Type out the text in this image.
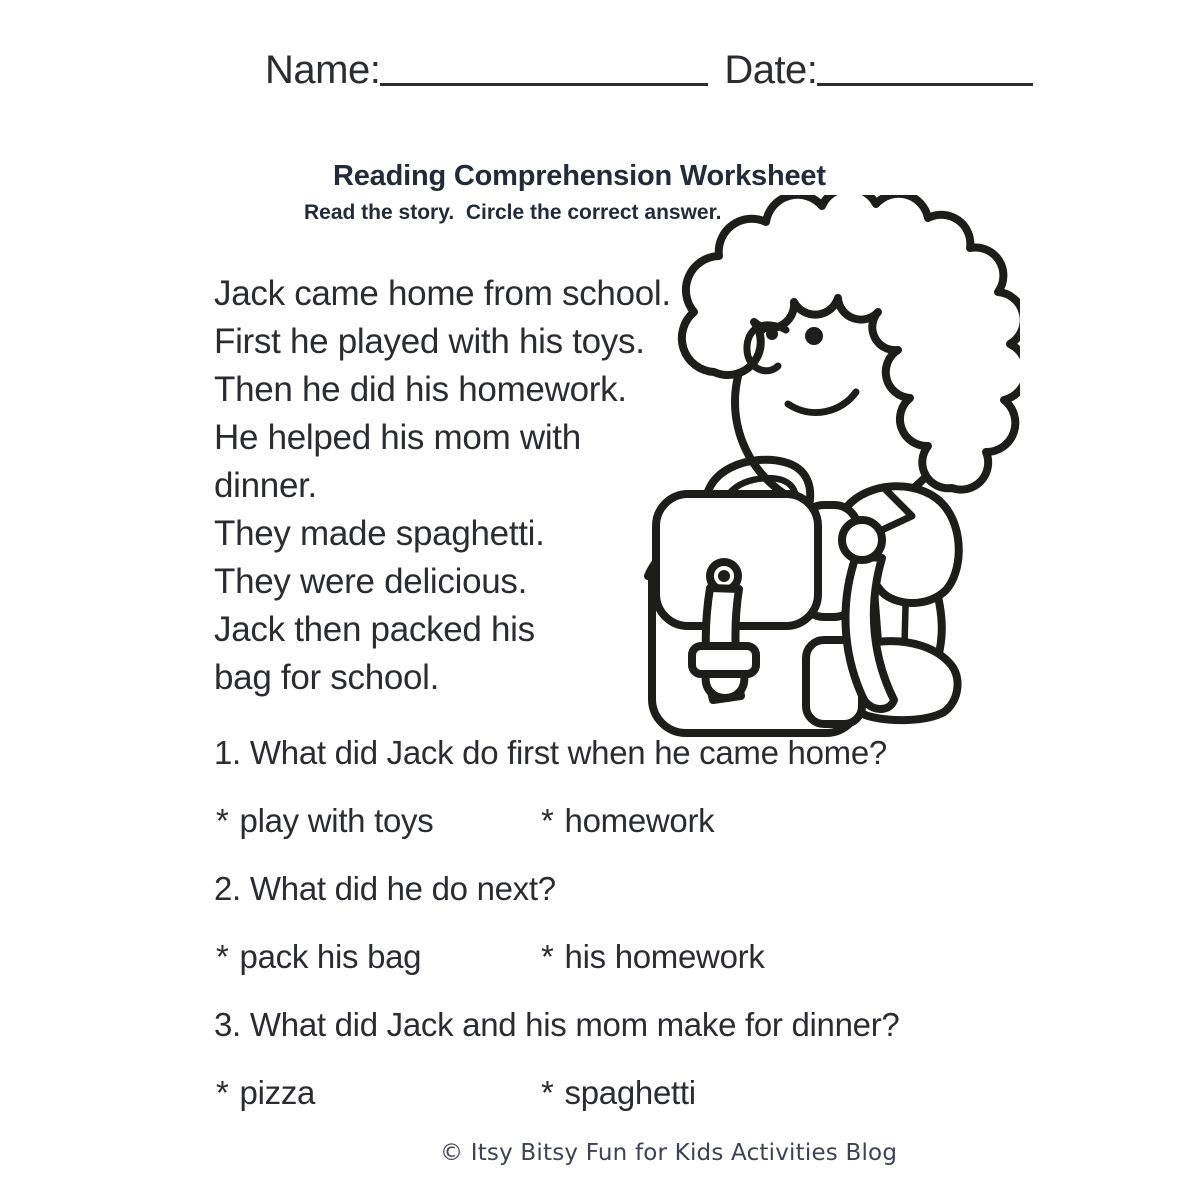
Name:	Date:
Reading Comprehension Worksheet
Read the story.  Circle the correct answer.
Jack came home from school.
First he played with his toys.
Then he did his homework.
He helped his mom with
dinner.
They made spaghetti.
They were delicious.
Jack then packed his
bag for school.
1. What did Jack do first when he came home?
* play with toys	* homework
2. What did he do next?
* pack his bag	* his homework
3. What did Jack and his mom make for dinner?
* pizza	* spaghetti
© Itsy Bitsy Fun for Kids Activities Blog
